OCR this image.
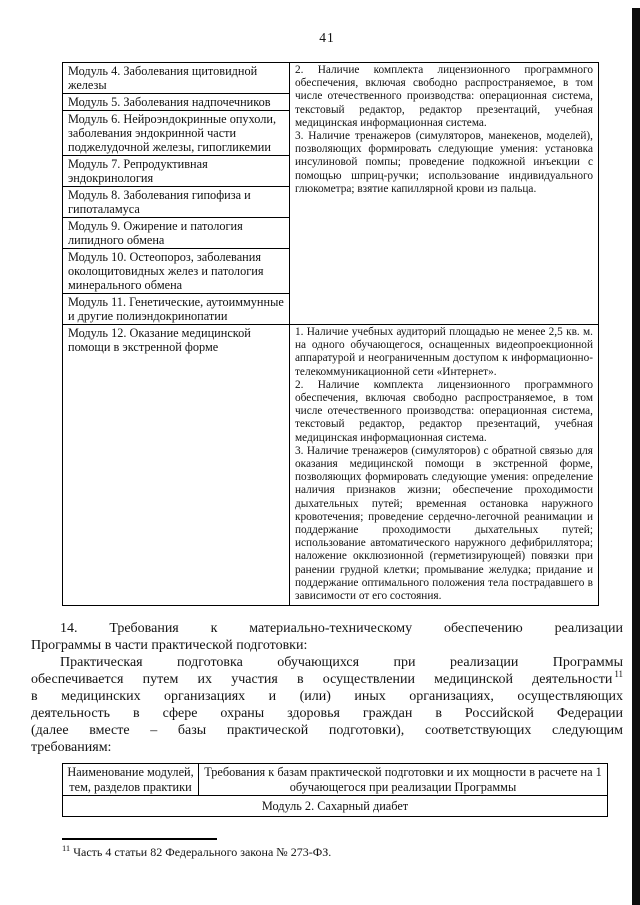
41
Модуль 4. Заболевания щитовидной железы	2. Наличие комплекта лицензионного программного обеспечения, включая свободно распространяемое, в том числе отечественного производства: операционная система, текстовый редактор, редактор презентаций, учебная медицинская информационная система.

3. Наличие тренажеров (симуляторов, манекенов, моделей), позволяющих формировать следующие умения: установка инсулиновой помпы; проведение подкожной инъекции с помощью шприц-ручки; использование индивидуального глюкометра; взятие капиллярной крови из пальца.

Модуль 5. Заболевания надпочечников	
Модуль 6. Нейроэндокринные опухоли, заболевания эндокринной части поджелудочной железы, гипогликемии	
Модуль 7. Репродуктивная эндокринология	
Модуль 8. Заболевания гипофиза и гипоталамуса	
Модуль 9. Ожирение и патология липидного обмена	
Модуль 10. Остеопороз, заболевания околощитовидных желез и патология минерального обмена	
Модуль 11. Генетические, аутоиммунные и другие полиэндокринопатии	
Модуль 12. Оказание медицинской помощи в экстренной форме	1. Наличие учебных аудиторий площадью не менее 2,5 кв. м. на одного обучающегося, оснащенных видеопроекционной аппаратурой и неограниченным доступом к информационно-телекоммуникационной сети «Интернет».

2. Наличие комплекта лицензионного программного обеспечения, включая свободно распространяемое, в том числе отечественного производства: операционная система, текстовый редактор, редактор презентаций, учебная медицинская информационная система.

3. Наличие тренажеров (симуляторов) с обратной связью для оказания медицинской помощи в экстренной форме, позволяющих формировать следующие умения: определение наличия признаков жизни; обеспечение проходимости дыхательных путей; временная остановка наружного кровотечения; проведение сердечно-легочной реанимации и поддержание проходимости дыхательных путей; использование автоматического наружного дефибриллятора; наложение окклюзионной (герметизирующей) повязки при ранении грудной клетки; промывание желудка; придание и поддержание оптимального положения тела пострадавшего в зависимости от его состояния.

14. Требования к материально-техническому обеспечению реализации
Программы в части практической подготовки:
Практическая подготовка обучающихся при реализации Программы
обеспечивается путем их участия в осуществлении медицинской деятельности $^{11}$
в медицинских организациях и (или) иных организациях, осуществляющих
деятельность в сфере охраны здоровья граждан в Российской Федерации
(далее вместе – базы практической подготовки), соответствующих следующим
требованиям:
Наименование модулей, тем, разделов практики	Требования к базам практической подготовки и их мощности в расчете на 1 обучающегося при реализации Программы
Модуль 2. Сахарный диабет
$^{11}$ Часть 4 статьи 82 Федерального закона № 273-ФЗ.
